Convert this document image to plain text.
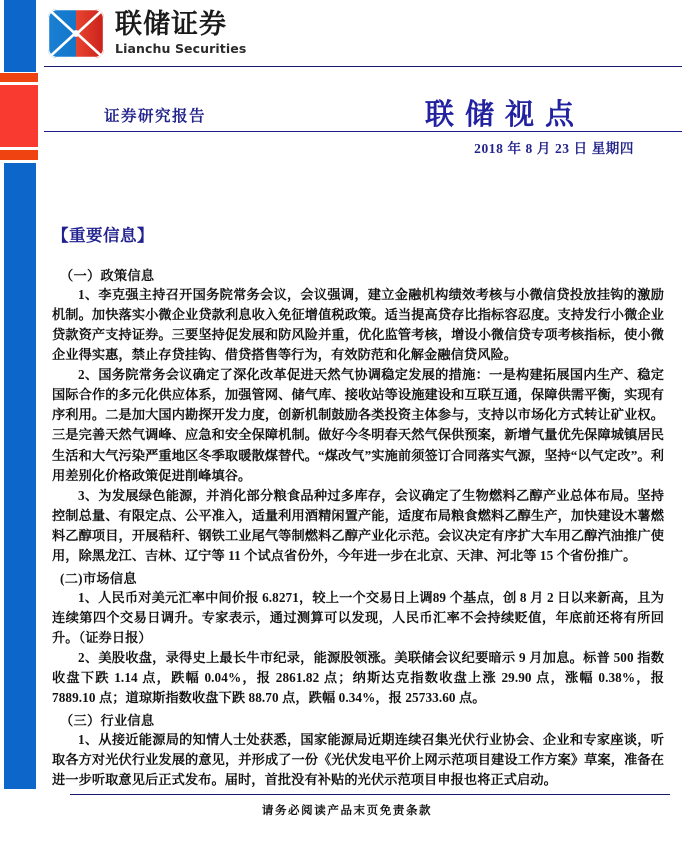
联储证券
Lianchu Securities
证券研究报告	联储视点
2018 年 8 月 23 日 星期四
【重要信息】
（一）政策信息

1、李克强主持召开国务院常务会议，会议强调，建立金融机构绩效考核与小微信贷投放挂钩的激励机制。加快落实小微企业贷款利息收入免征增值税政策。适当提高贷存比指标容忍度。支持发行小微企业贷款资产支持证券。三要坚持促发展和防风险并重，优化监管考核，增设小微信贷专项考核指标，使小微企业得实惠，禁止存贷挂钩、借贷搭售等行为，有效防范和化解金融信贷风险。

2、国务院常务会议确定了深化改革促进天然气协调稳定发展的措施：一是构建拓展国内生产、稳定国际合作的多元化供应体系，加强管网、储气库、接收站等设施建设和互联互通，保障供需平衡，实现有序利用。二是加大国内勘探开发力度，创新机制鼓励各类投资主体参与，支持以市场化方式转让矿业权。三是完善天然气调峰、应急和安全保障机制。做好今冬明春天然气保供预案，新增气量优先保障城镇居民生活和大气污染严重地区冬季取暖散煤替代。“煤改气”实施前须签订合同落实气源，坚持“以气定改”。利用差别化价格政策促进削峰填谷。

3、为发展绿色能源，并消化部分粮食品种过多库存，会议确定了生物燃料乙醇产业总体布局。坚持控制总量、有限定点、公平准入，适量利用酒精闲置产能，适度布局粮食燃料乙醇生产，加快建设木薯燃料乙醇项目，开展秸秆、钢铁工业尾气等制燃料乙醇产业化示范。会议决定有序扩大车用乙醇汽油推广使用，除黑龙江、吉林、辽宁等 11 个试点省份外，今年进一步在北京、天津、河北等 15 个省份推广。

(二)市场信息

1、人民币对美元汇率中间价报 6.8271，较上一个交易日上调89 个基点，创 8 月 2 日以来新高，且为连续第四个交易日调升。专家表示，通过测算可以发现，人民币汇率不会持续贬值，年底前还将有所回升。（证券日报）

2、美股收盘，录得史上最长牛市纪录，能源股领涨。美联储会议纪要暗示 9 月加息。标普 500 指数收盘下跌 1.14 点，跌幅 0.04%，报 2861.82 点；纳斯达克指数收盘上涨 29.90 点，涨幅 0.38%，报 7889.10 点；道琼斯指数收盘下跌 88.70 点，跌幅 0.34%，报 25733.60 点。

（三）行业信息

1、从接近能源局的知情人士处获悉，国家能源局近期连续召集光伏行业协会、企业和专家座谈，听取各方对光伏行业发展的意见，并形成了一份《光伏发电平价上网示范项目建设工作方案》草案，准备在进一步听取意见后正式发布。届时，首批没有补贴的光伏示范项目申报也将正式启动。

请务必阅读产品末页免责条款
